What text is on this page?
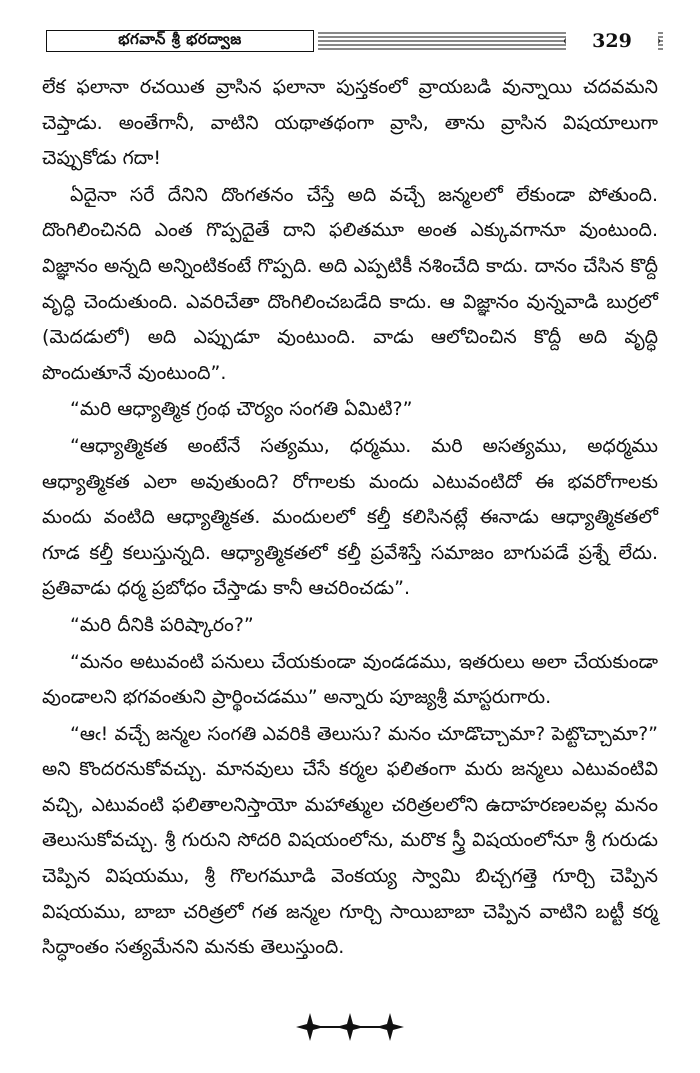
భగవాన్ శ్రీ భరద్వాజ	329

లేక ఫలానా రచయిత వ్రాసిన ఫలానా పుస్తకంలో వ్రాయబడి వున్నాయి చదవమని చెప్తాడు. అంతేగానీ, వాటిని యథాతథంగా వ్రాసి, తాను వ్రాసిన విషయాలుగా చెప్పుకోడు గదా!

ఏదైనా సరే దేనిని దొంగతనం చేస్తే అది వచ్చే జన్మలలో లేకుండా పోతుంది. దొంగిలించినది ఎంత గొప్పదైతే దాని ఫలితమూ అంత ఎక్కువగానూ వుంటుంది. విజ్ఞానం అన్నది అన్నింటికంటే గొప్పది. అది ఎప్పటికీ నశించేది కాదు. దానం చేసిన కొద్దీ వృద్ధి చెందుతుంది. ఎవరిచేతా దొంగిలించబడేది కాదు. ఆ విజ్ఞానం వున్నవాడి బుర్రలో (మెదడులో) అది ఎప్పుడూ వుంటుంది. వాడు ఆలోచించిన కొద్దీ అది వృద్ధి పొందుతూనే వుంటుంది”.

“మరి ఆధ్యాత్మిక గ్రంథ చౌర్యం సంగతి ఏమిటి?”

“ఆధ్యాత్మికత అంటేనే సత్యము, ధర్మము. మరి అసత్యము, అధర్మము ఆధ్యాత్మికత ఎలా అవుతుంది? రోగాలకు మందు ఎటువంటిదో ఈ భవరోగాలకు మందు వంటిది ఆధ్యాత్మికత. మందులలో కల్తీ కలిసినట్లే ఈనాడు ఆధ్యాత్మికతలో గూడ కల్తీ కలుస్తున్నది. ఆధ్యాత్మికతలో కల్తీ ప్రవేశిస్తే సమాజం బాగుపడే ప్రశ్నే లేదు. ప్రతివాడు ధర్మ ప్రబోధం చేస్తాడు కానీ ఆచరించడు”.

“మరి దీనికి పరిష్కారం?”

“మనం అటువంటి పనులు చేయకుండా వుండడము, ఇతరులు అలా చేయకుండా వుండాలని భగవంతుని ప్రార్థించడము” అన్నారు పూజ్యశ్రీ మాస్టరుగారు.

“ఆఁ! వచ్చే జన్మల సంగతి ఎవరికి తెలుసు? మనం చూడొచ్చామా? పెట్టొచ్చామా?” అని కొందరనుకోవచ్చు. మానవులు చేసే కర్మల ఫలితంగా మరు జన్మలు ఎటువంటివి వచ్చి, ఎటువంటి ఫలితాలనిస్తాయో మహాత్ముల చరిత్రలలోని ఉదాహరణలవల్ల మనం తెలుసుకోవచ్చు. శ్రీ గురుని సోదరి విషయంలోను, మరొక స్త్రీ విషయంలోనూ శ్రీ గురుడు చెప్పిన విషయము, శ్రీ గొలగమూడి వెంకయ్య స్వామి బిచ్చగత్తె గూర్చి చెప్పిన విషయము, బాబా చరిత్రలో గత జన్మల గూర్చి సాయిబాబా చెప్పిన వాటిని బట్టీ కర్మ సిద్ధాంతం సత్యమేనని మనకు తెలుస్తుంది.
